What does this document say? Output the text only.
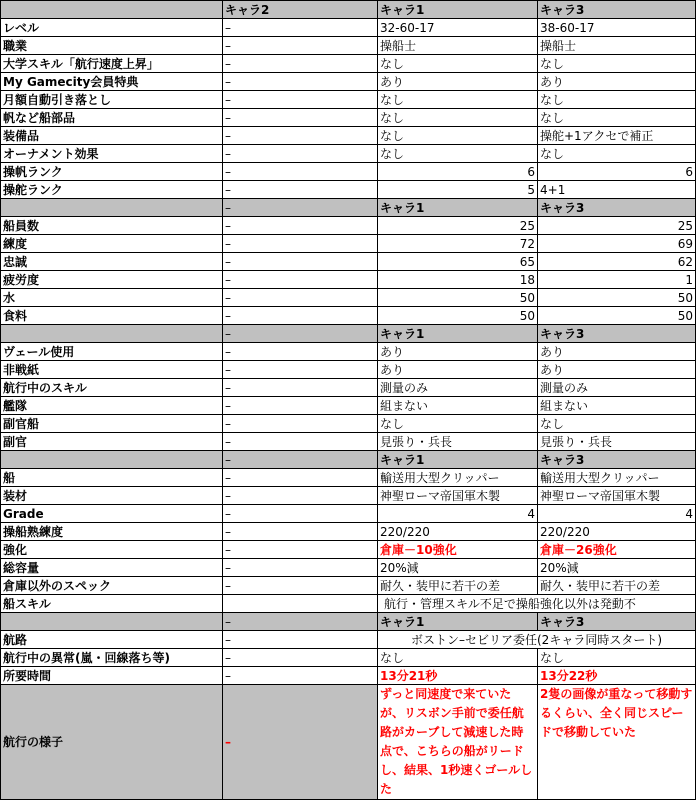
	キャラ2	キャラ1	キャラ3
レベル	–	32-60-17	38-60-17
職業	–	操船士	操船士
大学スキル「航行速度上昇」	–	なし	なし
My Gamecity会員特典	–	あり	あり
月額自動引き落とし	–	なし	なし
帆など船部品	–	なし	なし
装備品	–	なし	操舵+1アクセで補正
オーナメント効果	–	なし	なし
操帆ランク	–	6	6
操舵ランク	–	5	4+1
	–	キャラ1	キャラ3
船員数	–	25	25
練度	–	72	69
忠誠	–	65	62
疲労度	–	18	1
水	–	50	50
食料	–	50	50
	–	キャラ1	キャラ3
ヴェール使用	–	あり	あり
非戦紙	–	あり	あり
航行中のスキル	–	測量のみ	測量のみ
艦隊	–	組まない	組まない
副官船	–	なし	なし
副官	–	見張り・兵長	見張り・兵長
	–	キャラ1	キャラ3
船	–	輸送用大型クリッパー	輸送用大型クリッパー
装材	–	神聖ローマ帝国軍木製	神聖ローマ帝国軍木製
Grade	–	4	4
操船熟練度	–	220/220	220/220
強化	–	倉庫－10強化	倉庫－26強化
総容量	–	20%減	20%減
倉庫以外のスペック	–	耐久・装甲に若干の差	耐久・装甲に若干の差
船スキル		航行・管理スキル不足で操船強化以外は発動不	
	–	キャラ1	キャラ3
航路	–	ボストン–セビリア委任(2キャラ同時スタート)	
航行中の異常(嵐・回線落ち等)	–	なし	なし
所要時間	–	13分21秒	13分22秒
航行の様子	–	ずっと同速度で来ていたが、リスボン手前で委任航路がカーブして減速した時点で、こちらの船がリードし、結果、1秒速くゴールした	2隻の画像が重なって移動するくらい、全く同じスピードで移動していた
